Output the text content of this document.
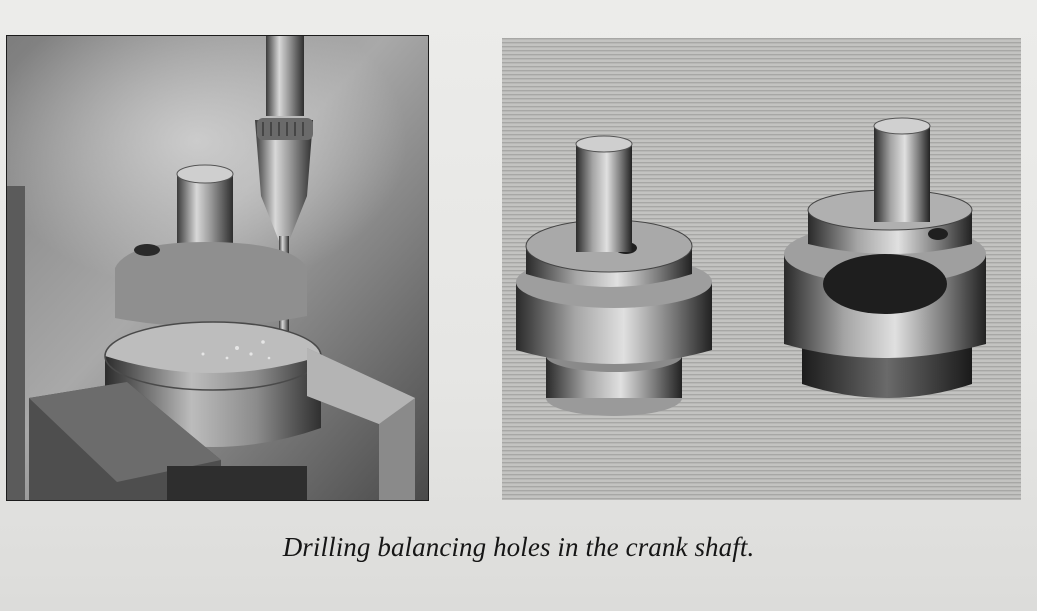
Drilling balancing holes in the crank shaft.
